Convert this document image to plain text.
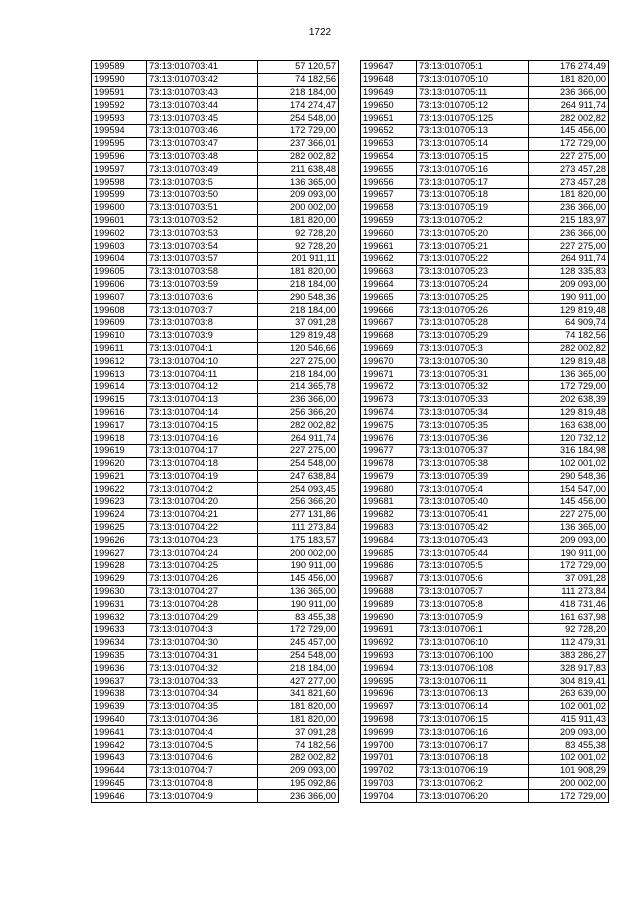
1722
199589	73:13:010703:41	57 120,57
199590	73:13:010703:42	74 182,56
199591	73:13:010703:43	218 184,00
199592	73:13:010703:44	174 274,47
199593	73:13:010703:45	254 548,00
199594	73:13:010703:46	172 729,00
199595	73:13:010703:47	237 366,01
199596	73:13:010703:48	282 002,82
199597	73:13:010703:49	211 638,48
199598	73:13:010703:5	136 365,00
199599	73:13:010703:50	209 093,00
199600	73:13:010703:51	200 002,00
199601	73:13:010703:52	181 820,00
199602	73:13:010703:53	92 728,20
199603	73:13:010703:54	92 728,20
199604	73:13:010703:57	201 911,11
199605	73:13:010703:58	181 820,00
199606	73:13:010703:59	218 184,00
199607	73:13:010703:6	290 548,36
199608	73:13:010703:7	218 184,00
199609	73:13:010703:8	37 091,28
199610	73:13:010703:9	129 819,48
199611	73:13:010704:1	120 546,66
199612	73:13:010704:10	227 275,00
199613	73:13:010704:11	218 184,00
199614	73:13:010704:12	214 365,78
199615	73:13:010704:13	236 366,00
199616	73:13:010704:14	256 366,20
199617	73:13:010704:15	282 002,82
199618	73:13:010704:16	264 911,74
199619	73:13:010704:17	227 275,00
199620	73:13:010704:18	254 548,00
199621	73:13:010704:19	247 638,84
199622	73:13:010704:2	254 093,45
199623	73:13:010704:20	256 366,20
199624	73:13:010704:21	277 131,86
199625	73:13:010704:22	111 273,84
199626	73:13:010704:23	175 183,57
199627	73:13:010704:24	200 002,00
199628	73:13:010704:25	190 911,00
199629	73:13:010704:26	145 456,00
199630	73:13:010704:27	136 365,00
199631	73:13:010704:28	190 911,00
199632	73:13:010704:29	83 455,38
199633	73:13:010704:3	172 729,00
199634	73:13:010704:30	245 457,00
199635	73:13:010704:31	254 548,00
199636	73:13:010704:32	218 184,00
199637	73:13:010704:33	427 277,00
199638	73:13:010704:34	341 821,60
199639	73:13:010704:35	181 820,00
199640	73:13:010704:36	181 820,00
199641	73:13:010704:4	37 091,28
199642	73:13:010704:5	74 182,56
199643	73:13:010704:6	282 002,82
199644	73:13:010704:7	209 093,00
199645	73:13:010704:8	195 092,86
199646	73:13:010704:9	236 366,00
199647	73:13:010705:1	176 274,49
199648	73:13:010705:10	181 820,00
199649	73:13:010705:11	236 366,00
199650	73:13:010705:12	264 911,74
199651	73:13:010705:125	282 002,82
199652	73:13:010705:13	145 456,00
199653	73:13:010705:14	172 729,00
199654	73:13:010705:15	227 275,00
199655	73:13:010705:16	273 457,28
199656	73:13:010705:17	273 457,28
199657	73:13:010705:18	181 820,00
199658	73:13:010705:19	236 366,00
199659	73:13:010705:2	215 183,97
199660	73:13:010705:20	236 366,00
199661	73:13:010705:21	227 275,00
199662	73:13:010705:22	264 911,74
199663	73:13:010705:23	128 335,83
199664	73:13:010705:24	209 093,00
199665	73:13:010705:25	190 911,00
199666	73:13:010705:26	129 819,48
199667	73:13:010705:28	64 909,74
199668	73:13:010705:29	74 182,56
199669	73:13:010705:3	282 002,82
199670	73:13:010705:30	129 819,48
199671	73:13:010705:31	136 365,00
199672	73:13:010705:32	172 729,00
199673	73:13:010705:33	202 638,39
199674	73:13:010705:34	129 819,48
199675	73:13:010705:35	163 638,00
199676	73:13:010705:36	120 732,12
199677	73:13:010705:37	316 184,98
199678	73:13:010705:38	102 001,02
199679	73:13:010705:39	290 548,36
199680	73:13:010705:4	154 547,00
199681	73:13:010705:40	145 456,00
199682	73:13:010705:41	227 275,00
199683	73:13:010705:42	136 365,00
199684	73:13:010705:43	209 093,00
199685	73:13:010705:44	190 911,00
199686	73:13:010705:5	172 729,00
199687	73:13:010705:6	37 091,28
199688	73:13:010705:7	111 273,84
199689	73:13:010705:8	418 731,46
199690	73:13:010705:9	161 637,98
199691	73:13:010706:1	92 728,20
199692	73:13:010706:10	112 479,31
199693	73:13:010706:100	383 286,27
199694	73:13:010706:108	328 917,83
199695	73:13:010706:11	304 819,41
199696	73:13:010706:13	263 639,00
199697	73:13:010706:14	102 001,02
199698	73:13:010706:15	415 911,43
199699	73:13:010706:16	209 093,00
199700	73:13:010706:17	83 455,38
199701	73:13:010706:18	102 001,02
199702	73:13:010706:19	101 908,29
199703	73:13:010706:2	200 002,00
199704	73:13:010706:20	172 729,00
